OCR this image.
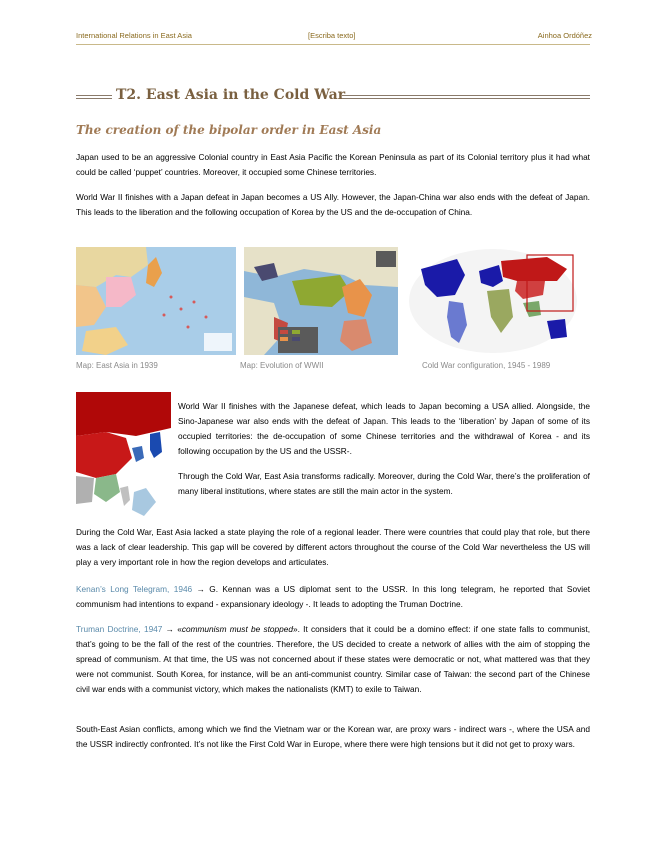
International Relations in East Asia	[Escriba texto]	Ainhoa Ordóñez
T2. East Asia in the Cold War
The creation of the bipolar order in East Asia
Japan used to be an aggressive Colonial country in East Asia Pacific the Korean Peninsula as part of its Colonial territory plus it had what could be called ‘puppet’ countries. Moreover, it occupied some Chinese territories.
World War II finishes with a Japan defeat in Japan becomes a US Ally. However, the Japan-China war also ends with the defeat of Japan. This leads to the liberation and the following occupation of Korea by the US and the de-occupation of China.
Map: East Asia in 1939	Map: Evolution of WWII	Cold War configuration, 1945 - 1989
World War II finishes with the Japanese defeat, which leads to Japan becoming a USA allied. Alongside, the Sino-Japanese war also ends with the defeat of Japan. This leads to the ‘liberation’ by Japan of some of its occupied territories: the de-occupation of some Chinese territories and the withdrawal of Korea - and its following occupation by the US and the USSR-.
Through the Cold War, East Asia transforms radically. Moreover, during the Cold War, there’s the proliferation of many liberal institutions, where states are still the main actor in the system.
During the Cold War, East Asia lacked a state playing the role of a regional leader. There were countries that could play that role, but there was a lack of clear leadership. This gap will be covered by different actors throughout the course of the Cold War nevertheless the US will play a very important role in how the region develops and articulates.
Kenan’s Long Telegram, 1946 → G. Kennan was a US diplomat sent to the USSR. In this long telegram, he reported that Soviet communism had intentions to expand - expansionary ideology -. It leads to adopting the Truman Doctrine.
Truman Doctrine, 1947 → «communism must be stopped». It considers that it could be a domino effect: if one state falls to communist, that’s going to be the fall of the rest of the countries. Therefore, the US decided to create a network of allies with the aim of stopping the spread of communism. At that time, the US was not concerned about if these states were democratic or not, what mattered was that they were not communist. South Korea, for instance, will be an anti-communist country. Similar case of Taiwan: the second part of the Chinese civil war ends with a communist victory, which makes the nationalists (KMT) to exile to Taiwan.
South-East Asian conflicts, among which we find the Vietnam war or the Korean war, are proxy wars - indirect wars -, where the USA and the USSR indirectly confronted. It’s not like the First Cold War in Europe, where there were high tensions but it did not get to proxy wars.
